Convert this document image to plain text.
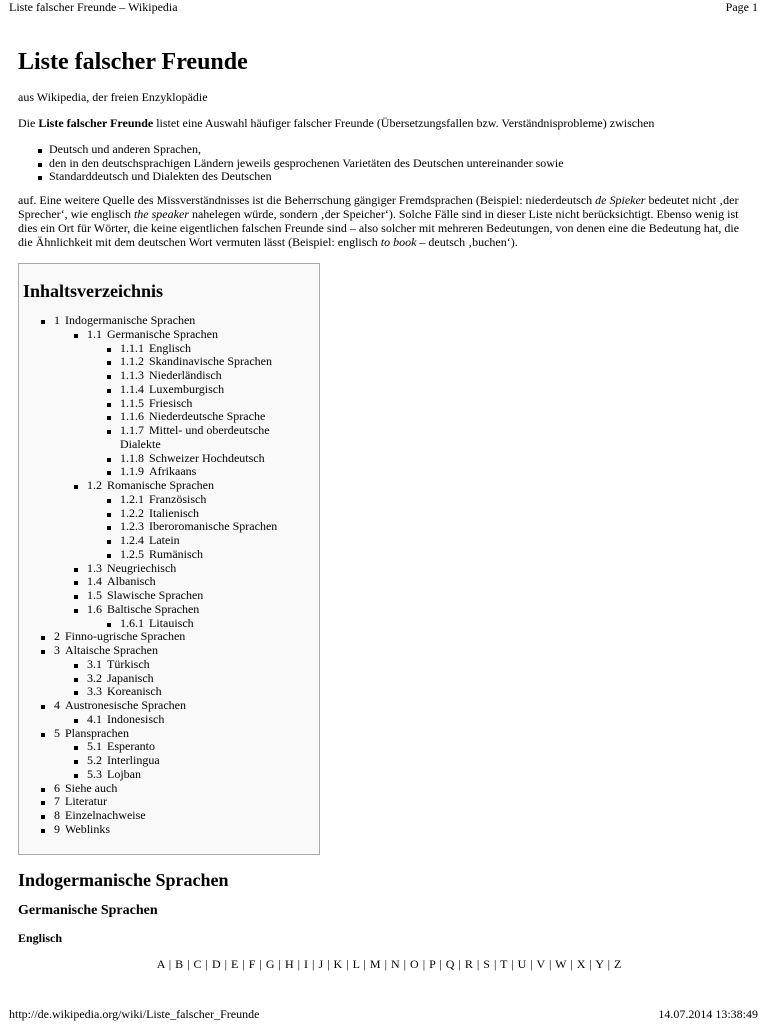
Liste falscher Freunde – Wikipedia	Page 1
Liste falscher Freunde
aus Wikipedia, der freien Enzyklopädie
Die Liste falscher Freunde listet eine Auswahl häufiger falscher Freunde (Übersetzungsfallen bzw. Verständnisprobleme) zwischen
Deutsch und anderen Sprachen,
den in den deutschsprachigen Ländern jeweils gesprochenen Varietäten des Deutschen untereinander sowie
Standarddeutsch und Dialekten des Deutschen
auf. Eine weitere Quelle des Missverständnisses ist die Beherrschung gängiger Fremdsprachen (Beispiel: niederdeutsch de Spieker bedeutet nicht ‚der Sprecher‘, wie englisch the speaker nahelegen würde, sondern ‚der Speicher‘). Solche Fälle sind in dieser Liste nicht berücksichtigt. Ebenso wenig ist dies ein Ort für Wörter, die keine eigentlichen falschen Freunde sind – also solcher mit mehreren Bedeutungen, von denen eine die Bedeutung hat, die die Ähnlichkeit mit dem deutschen Wort vermuten lässt (Beispiel: englisch to book – deutsch ‚buchen‘).
Inhaltsverzeichnis
1 Indogermanische Sprachen
1.1 Germanische Sprachen
1.1.1 Englisch
1.1.2 Skandinavische Sprachen
1.1.3 Niederländisch
1.1.4 Luxemburgisch
1.1.5 Friesisch
1.1.6 Niederdeutsche Sprache
1.1.7 Mittel- und oberdeutsche Dialekte
1.1.8 Schweizer Hochdeutsch
1.1.9 Afrikaans
1.2 Romanische Sprachen
1.2.1 Französisch
1.2.2 Italienisch
1.2.3 Iberoromanische Sprachen
1.2.4 Latein
1.2.5 Rumänisch
1.3 Neugriechisch
1.4 Albanisch
1.5 Slawische Sprachen
1.6 Baltische Sprachen
1.6.1 Litauisch
2 Finno-ugrische Sprachen
3 Altaische Sprachen
3.1 Türkisch
3.2 Japanisch
3.3 Koreanisch
4 Austronesische Sprachen
4.1 Indonesisch
5 Plansprachen
5.1 Esperanto
5.2 Interlingua
5.3 Lojban
6 Siehe auch
7 Literatur
8 Einzelnachweise
9 Weblinks
Indogermanische Sprachen
Germanische Sprachen
Englisch
A | B | C | D | E | F | G | H | I | J | K | L | M | N | O | P | Q | R | S | T | U | V | W | X | Y | Z
http://de.wikipedia.org/wiki/Liste_falscher_Freunde	14.07.2014 13:38:49
